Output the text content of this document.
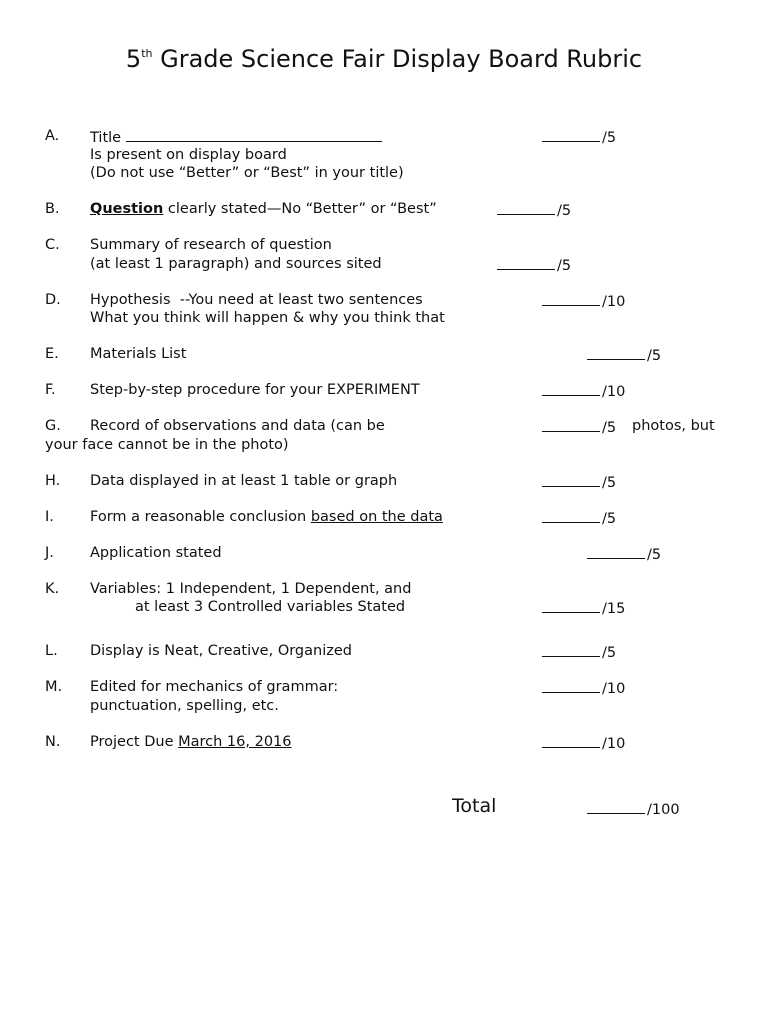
5th Grade Science Fair Display Board Rubric
A. Title
Is present on display board
(Do not use “Better” or “Best” in your title)
/5
B. Question clearly stated—No “Better” or “Best”	/5
C. Summary of research of question
(at least 1 paragraph) and sources sited	/5
D. Hypothesis  --You need at least two sentences
What you think will happen & why you think that
/10
E. Materials List	/5
F. Step-by-step procedure for your EXPERIMENT	/10
G. Record of observations and data (can be	/5 photos, but
your face cannot be in the photo)
H. Data displayed in at least 1 table or graph	/5
I. Form a reasonable conclusion based on the data	/5
J. Application stated	/5
K. Variables: 1 Independent, 1 Dependent, and
at least 3 Controlled variables Stated	/15
L. Display is Neat, Creative, Organized	/5
M. Edited for mechanics of grammar:
punctuation, spelling, etc.
/10
N. Project Due March 16, 2016	/10
Total	/100
